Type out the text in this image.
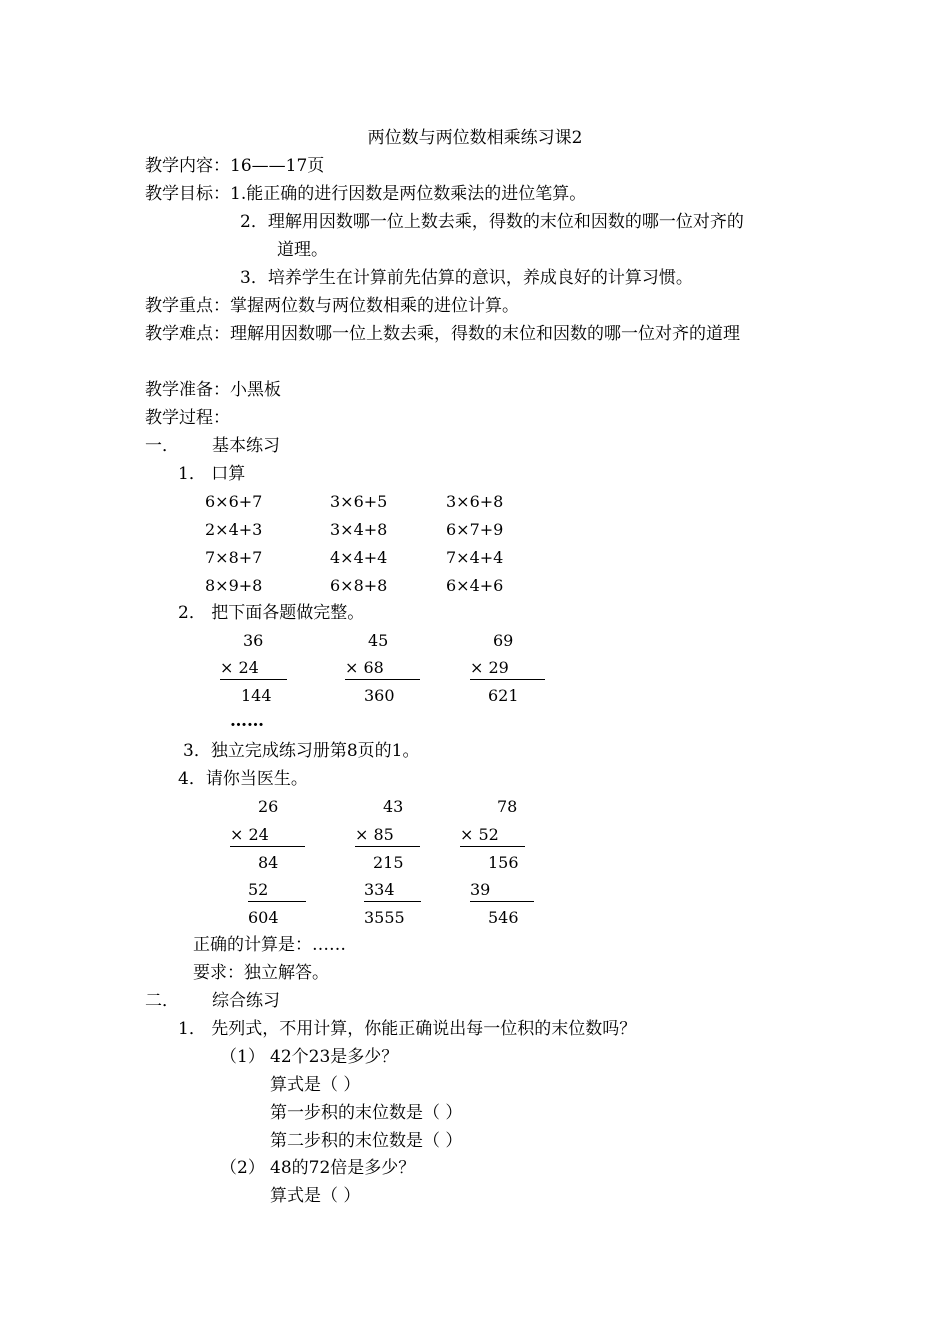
两位数与两位数相乘练习课2
教学内容：16——17页
教学目标：1.能正确的进行因数是两位数乘法的进位笔算。
2．理解用因数哪一位上数去乘，得数的末位和因数的哪一位对齐的
道理。
3．培养学生在计算前先估算的意识，养成良好的计算习惯。
教学重点：掌握两位数与两位数相乘的进位计算。
教学难点：理解用因数哪一位上数去乘，得数的末位和因数的哪一位对齐的道理
教学准备：小黑板
教学过程：
一． 基本练习
1． 口算
6×6+7	3×6+5	3×6+8
2×4+3	3×4+8	6×7+9
7×8+7	4×4+4	7×4+4
8×9+8	6×8+8	6×4+6
2． 把下面各题做完整。
36	45	69
× 24	× 68	× 29
144	360	621
……
3．独立完成练习册第8页的1。
4．请你当医生。
26	43	78
× 24	× 85	× 52
84	215	156
52	334	39
604	3555	546
正确的计算是：……
要求：独立解答。
二． 综合练习
1． 先列式，不用计算，你能正确说出每一位积的末位数吗？
（1） 42个23是多少？
算式是（ ）
第一步积的末位数是（ ）
第二步积的末位数是（ ）
（2） 48的72倍是多少？
算式是（ ）
